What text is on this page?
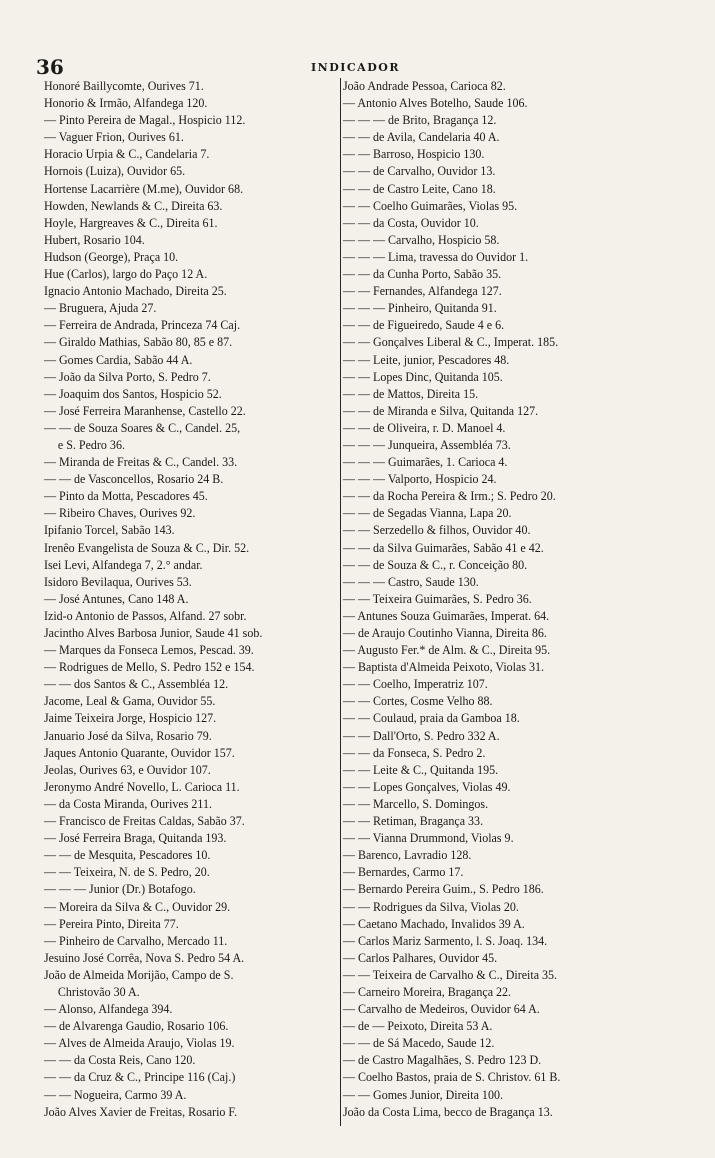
36	INDICADOR
Honoré Baillycomte, Ourives 71.
Honorio & Irmão, Alfandega 120.
— Pinto Pereira de Magal., Hospicio 112.
— Vaguer Frion, Ourives 61.
Horacio Urpia & C., Candelaria 7.
Hornois (Luiza), Ouvidor 65.
Hortense Lacarrière (M.me), Ouvidor 68.
Howden, Newlands & C., Direita 63.
Hoyle, Hargreaves & C., Direita 61.
Hubert, Rosario 104.
Hudson (George), Praça 10.
Hue (Carlos), largo do Paço 12 A.
Ignacio Antonio Machado, Direita 25.
— Bruguera, Ajuda 27.
— Ferreira de Andrada, Princeza 74 Caj.
— Giraldo Mathias, Sabão 80, 85 e 87.
— Gomes Cardia, Sabão 44 A.
— João da Silva Porto, S. Pedro 7.
— Joaquim dos Santos, Hospicio 52.
— José Ferreira Maranhense, Castello 22.
— — de Souza Soares & C., Candel. 25,
e S. Pedro 36.
— Miranda de Freitas & C., Candel. 33.
— — de Vasconcellos, Rosario 24 B.
— Pinto da Motta, Pescadores 45.
— Ribeiro Chaves, Ourives 92.
Ipifanio Torcel, Sabão 143.
Irenêo Evangelista de Souza & C., Dir. 52.
Isei Levi, Alfandega 7, 2.° andar.
Isidoro Bevilaqua, Ourives 53.
— José Antunes, Cano 148 A.
Izid-o Antonio de Passos, Alfand. 27 sobr.
Jacintho Alves Barbosa Junior, Saude 41 sob.
— Marques da Fonseca Lemos, Pescad. 39.
— Rodrigues de Mello, S. Pedro 152 e 154.
— — dos Santos & C., Assembléa 12.
Jacome, Leal & Gama, Ouvidor 55.
Jaime Teixeira Jorge, Hospicio 127.
Januario José da Silva, Rosario 79.
Jaques Antonio Quarante, Ouvidor 157.
Jeolas, Ourives 63, e Ouvidor 107.
Jeronymo André Novello, L. Carioca 11.
— da Costa Miranda, Ourives 211.
— Francisco de Freitas Caldas, Sabão 37.
— José Ferreira Braga, Quitanda 193.
— — de Mesquita, Pescadores 10.
— — Teixeira, N. de S. Pedro, 20.
— — — Junior (Dr.) Botafogo.
— Moreira da Silva & C., Ouvidor 29.
— Pereira Pinto, Direita 77.
— Pinheiro de Carvalho, Mercado 11.
Jesuino José Corrêa, Nova S. Pedro 54 A.
João de Almeida Morijão, Campo de S.
Christovão 30 A.
— Alonso, Alfandega 394.
— de Alvarenga Gaudio, Rosario 106.
— Alves de Almeida Araujo, Violas 19.
— — da Costa Reis, Cano 120.
— — da Cruz & C., Principe 116 (Caj.)
— — Nogueira, Carmo 39 A.
João Alves Xavier de Freitas, Rosario F.
João Andrade Pessoa, Carioca 82.
— Antonio Alves Botelho, Saude 106.
— — — de Brito, Bragança 12.
— — de Avila, Candelaria 40 A.
— — Barroso, Hospicio 130.
— — de Carvalho, Ouvidor 13.
— — de Castro Leite, Cano 18.
— — Coelho Guimarães, Violas 95.
— — da Costa, Ouvidor 10.
— — — Carvalho, Hospicio 58.
— — — Lima, travessa do Ouvidor 1.
— — da Cunha Porto, Sabão 35.
— — Fernandes, Alfandega 127.
— — — Pinheiro, Quitanda 91.
— — de Figueiredo, Saude 4 e 6.
— — Gonçalves Liberal & C., Imperat. 185.
— — Leite, junior, Pescadores 48.
— — Lopes Dinc, Quitanda 105.
— — de Mattos, Direita 15.
— — de Miranda e Silva, Quitanda 127.
— — de Oliveira, r. D. Manoel 4.
— — — Junqueira, Assembléa 73.
— — — Guimarães, 1. Carioca 4.
— — — Valporto, Hospicio 24.
— — da Rocha Pereira & Irm.; S. Pedro 20.
— — de Segadas Vianna, Lapa 20.
— — Serzedello & filhos, Ouvidor 40.
— — da Silva Guimarães, Sabão 41 e 42.
— — de Souza & C., r. Conceição 80.
— — — Castro, Saude 130.
— — Teixeira Guimarães, S. Pedro 36.
— Antunes Souza Guimarães, Imperat. 64.
— de Araujo Coutinho Vianna, Direita 86.
— Augusto Fer.* de Alm. & C., Direita 95.
— Baptista d'Almeida Peixoto, Violas 31.
— — Coelho, Imperatriz 107.
— — Cortes, Cosme Velho 88.
— — Coulaud, praia da Gamboa 18.
— — Dall'Orto, S. Pedro 332 A.
— — da Fonseca, S. Pedro 2.
— — Leite & C., Quitanda 195.
— — Lopes Gonçalves, Violas 49.
— — Marcello, S. Domingos.
— — Retiman, Bragança 33.
— — Vianna Drummond, Violas 9.
— Barenco, Lavradio 128.
— Bernardes, Carmo 17.
— Bernardo Pereira Guim., S. Pedro 186.
— — Rodrigues da Silva, Violas 20.
— Caetano Machado, Invalidos 39 A.
— Carlos Mariz Sarmento, l. S. Joaq. 134.
— Carlos Palhares, Ouvidor 45.
— — Teixeira de Carvalho & C., Direita 35.
— Carneiro Moreira, Bragança 22.
— Carvalho de Medeiros, Ouvidor 64 A.
— de — Peixoto, Direita 53 A.
— — de Sá Macedo, Saude 12.
— de Castro Magalhães, S. Pedro 123 D.
— Coelho Bastos, praia de S. Christov. 61 B.
— — Gomes Junior, Direita 100.
João da Costa Lima, becco de Bragança 13.
